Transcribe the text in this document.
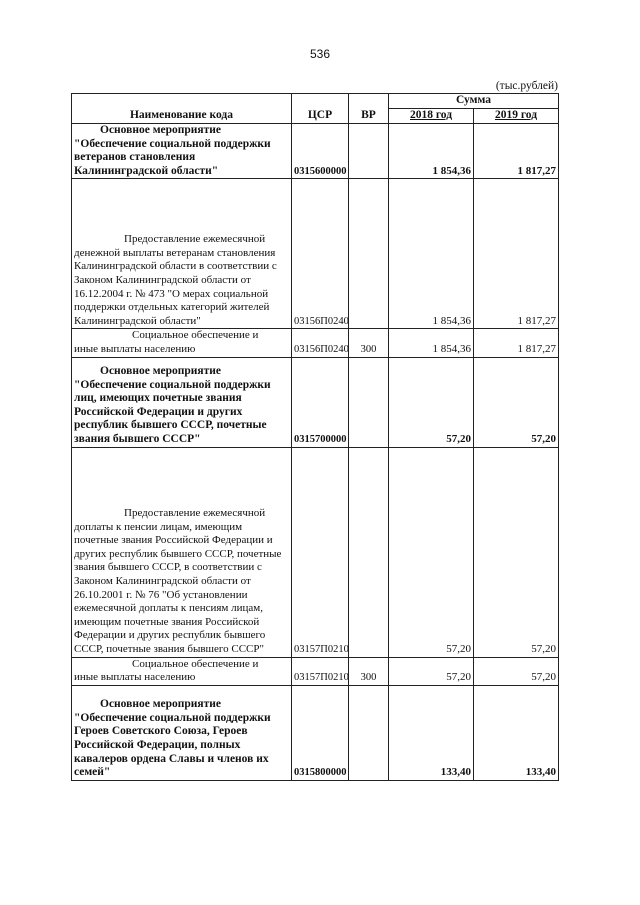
536
(тыс.рублей)
Наименование кода	ЦСР	ВР	Сумма	
			2018 год	2019 год

Основное мероприятие
"Обеспечение социальной поддержки ветеранов становления Калининградской области"	0315600000		1 854,36	1 817,27

Предоставление ежемесячной
денежной выплаты ветеранам становления Калининградской области в соответствии с Законом Калининградской области от 16.12.2004 г. № 473 "О мерах социальной поддержки отдельных категорий жителей Калининградской области"	03156П0240		1 854,36	1 817,27

Социальное обеспечение и
иные выплаты населению	03156П0240	300	1 854,36	1 817,27

Основное мероприятие
"Обеспечение социальной поддержки лиц, имеющих почетные звания Российской Федерации и других республик бывшего СССР, почетные звания бывшего СССР"	0315700000		57,20	57,20

Предоставление ежемесячной
доплаты к пенсии лицам, имеющим почетные звания Российской Федерации и других республик бывшего СССР, почетные звания бывшего СССР, в соответствии с Законом Калининградской области от 26.10.2001 г. № 76 "Об установлении ежемесячной доплаты к пенсиям лицам, имеющим почетные звания Российской Федерации и других республик бывшего СССР, почетные звания бывшего СССР"	03157П0210		57,20	57,20

Социальное обеспечение и
иные выплаты населению	03157П0210	300	57,20	57,20

Основное мероприятие
"Обеспечение социальной поддержки Героев Советского Союза, Героев Российской Федерации, полных кавалеров ордена Славы и членов их семей"	0315800000		133,40	133,40
